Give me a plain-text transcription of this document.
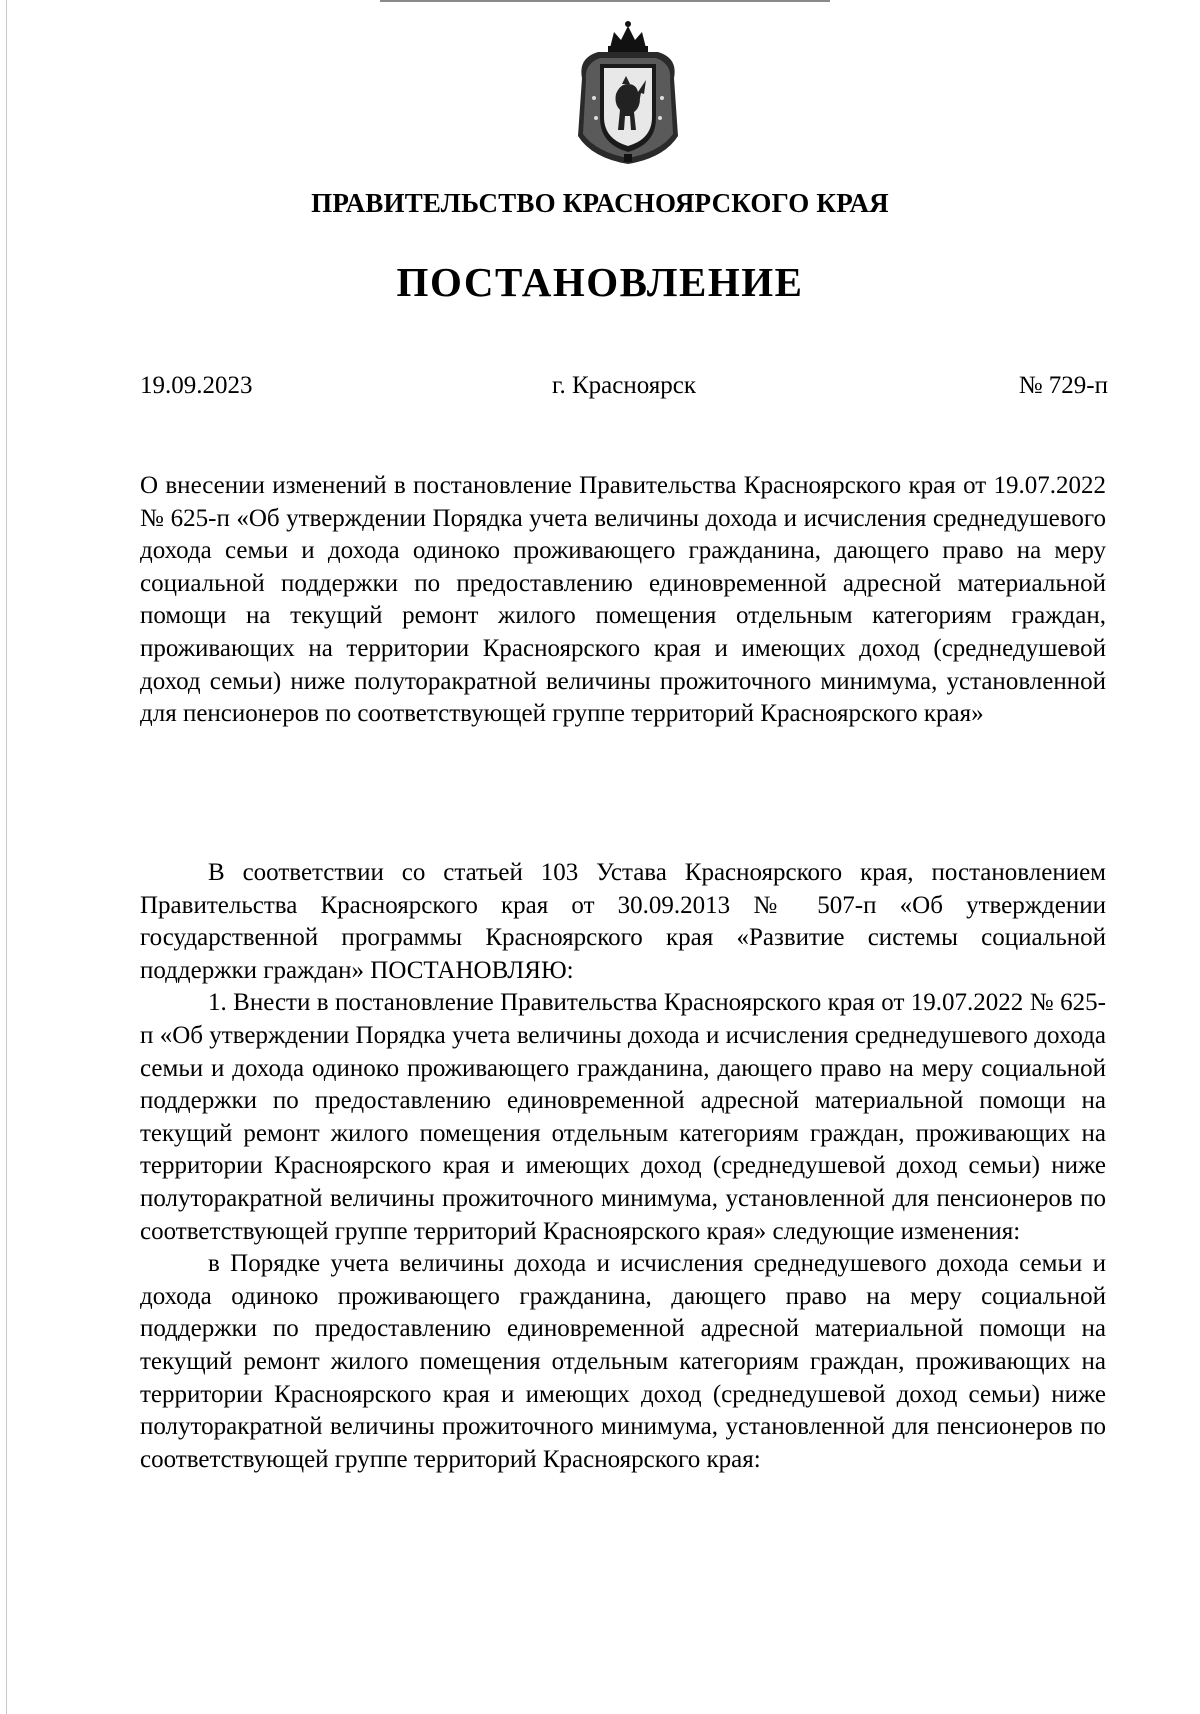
ПРАВИТЕЛЬСТВО КРАСНОЯРСКОГО КРАЯ
ПОСТАНОВЛЕНИЕ
19.09.2023	г. Красноярск	№ 729-п
О внесении изменений в постановление Правительства Красноярского края от 19.07.2022 № 625-п «Об утверждении Порядка учета величины дохода и исчисления среднедушевого дохода семьи и дохода одиноко проживающего гражданина, дающего право на меру социальной поддержки по предоставлению единовременной адресной материальной помощи на текущий ремонт жилого помещения отдельным категориям граждан, проживающих на территории Красноярского края и имеющих доход (среднедушевой доход семьи) ниже полуторакратной величины прожиточного минимума, установленной для пенсионеров по соответствующей группе территорий Красноярского края»

В соответствии со статьей 103 Устава Красноярского края, постановлением Правительства Красноярского края от 30.09.2013 № 507-п «Об утверждении государственной программы Красноярского края «Развитие системы социальной поддержки граждан» ПОСТАНОВЛЯЮ:

1. Внести в постановление Правительства Красноярского края от 19.07.2022 № 625-п «Об утверждении Порядка учета величины дохода и исчисления среднедушевого дохода семьи и дохода одиноко проживающего гражданина, дающего право на меру социальной поддержки по предоставлению единовременной адресной материальной помощи на текущий ремонт жилого помещения отдельным категориям граждан, проживающих на территории Красноярского края и имеющих доход (среднедушевой доход семьи) ниже полуторакратной величины прожиточного минимума, установленной для пенсионеров по соответствующей группе территорий Красноярского края» следующие изменения:

в Порядке учета величины дохода и исчисления среднедушевого дохода семьи и дохода одиноко проживающего гражданина, дающего право на меру социальной поддержки по предоставлению единовременной адресной материальной помощи на текущий ремонт жилого помещения отдельным категориям граждан, проживающих на территории Красноярского края и имеющих доход (среднедушевой доход семьи) ниже полуторакратной величины прожиточного минимума, установленной для пенсионеров по соответствующей группе территорий Красноярского края:
